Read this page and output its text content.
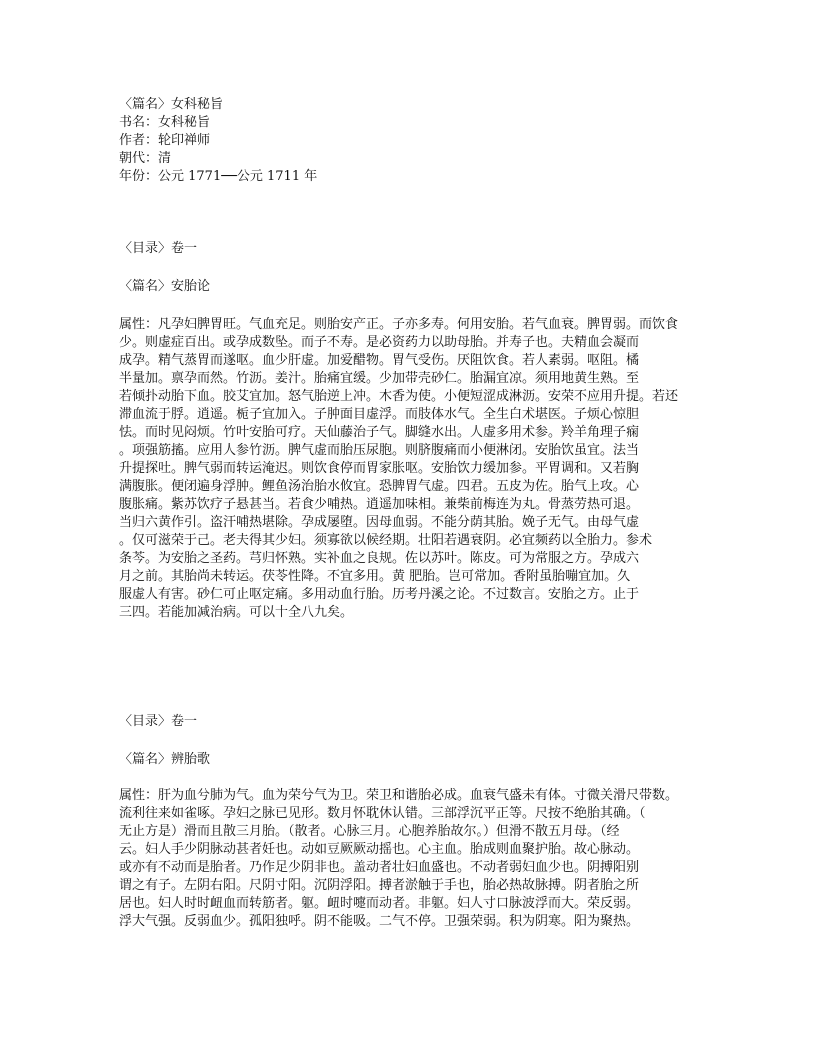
〈篇名〉女科秘旨
书名：女科秘旨
作者：轮印禅师
朝代：清
年份：公元 1771──公元 1711 年
〈目录〉卷一
〈篇名〉安胎论
属性：凡孕妇脾胃旺。气血充足。则胎安产正。子亦多寿。何用安胎。若气血衰。脾胃弱。而饮食
少。则虚症百出。或孕成数坠。而子不寿。是必资药力以助母胎。并寿子也。夫精血会凝而
成孕。精气蒸胃而遂呕。血少肝虚。加爱醋物。胃气受伤。厌阻饮食。若人素弱。呕阻。橘
半量加。禀孕而然。竹沥。姜汁。胎痛宜缓。少加带壳砂仁。胎漏宜凉。须用地黄生熟。至
若倾扑动胎下血。胶艾宜加。怒气胎逆上冲。木香为使。小便短涩成淋沥。安荣不应用升提。若还
滞血流于脬。逍遥。栀子宜加入。子肿面目虚浮。而肢体水气。全生白术堪医。子烦心惊胆
怯。而时见闷烦。竹叶安胎可疗。天仙藤治子气。脚缝水出。人虚多用术参。羚羊角理子痫
。项强筋搐。应用人参竹沥。脾气虚而胎压尿胞。则脐腹痛而小便淋闭。安胎饮虽宜。法当
升提探吐。脾气弱而转运淹迟。则饮食停而胃家胀呕。安胎饮力缓加参。平胃调和。又若胸
满腹胀。便闭遍身浮肿。鲤鱼汤治胎水攸宜。恐脾胃气虚。四君。五皮为佐。胎气上攻。心
腹胀痛。紫苏饮疗子悬甚当。若食少哺热。逍遥加味相。兼柴前梅连为丸。骨蒸劳热可退。
当归六黄作引。盗汗哺热堪除。孕成屡堕。因母血弱。不能分荫其胎。娩子无气。由母气虚
。仅可滋荣于己。老夫得其少妇。须寡欲以候经期。壮阳若遇衰阴。必宜频药以全胎力。参术
条芩。为安胎之圣药。芎归怀熟。实补血之良规。佐以苏叶。陈皮。可为常服之方。孕成六
月之前。其胎尚未转运。茯苓性降。不宜多用。黄 肥胎。岂可常加。香附虽胎嘣宜加。久
服虚人有害。砂仁可止呕定痛。多用动血行胎。历考丹溪之论。不过数言。安胎之方。止于
三四。若能加减治病。可以十全八九矣。
〈目录〉卷一
〈篇名〉辨胎歌
属性：肝为血兮肺为气。血为荣兮气为卫。荣卫和谐胎必成。血衰气盛未有体。寸微关滑尺带数。
流利往来如雀啄。孕妇之脉已见形。数月怀耽休认错。三部浮沉平正等。尺按不绝胎其确。（
无止方是）滑而且散三月胎。（散者。心脉三月。心胞养胎故尔。）但滑不散五月母。（经
云。妇人手少阴脉动甚者妊也。动如豆厥厥动摇也。心主血。胎成则血聚护胎。故心脉动。
或亦有不动而是胎者。乃作足少阴非也。盖动者壮妇血盛也。不动者弱妇血少也。阴搏阳别
谓之有子。左阴右阳。尺阴寸阳。沉阴浮阳。搏者淤触于手也，胎必热故脉搏。阴者胎之所
居也。妇人时时衄血而转筋者。躯。衄时嚏而动者。非躯。妇人寸口脉波浮而大。荣反弱。
浮大气强。反弱血少。孤阳独呼。阴不能吸。二气不停。卫强荣弱。积为阴寒。阳为聚热。
